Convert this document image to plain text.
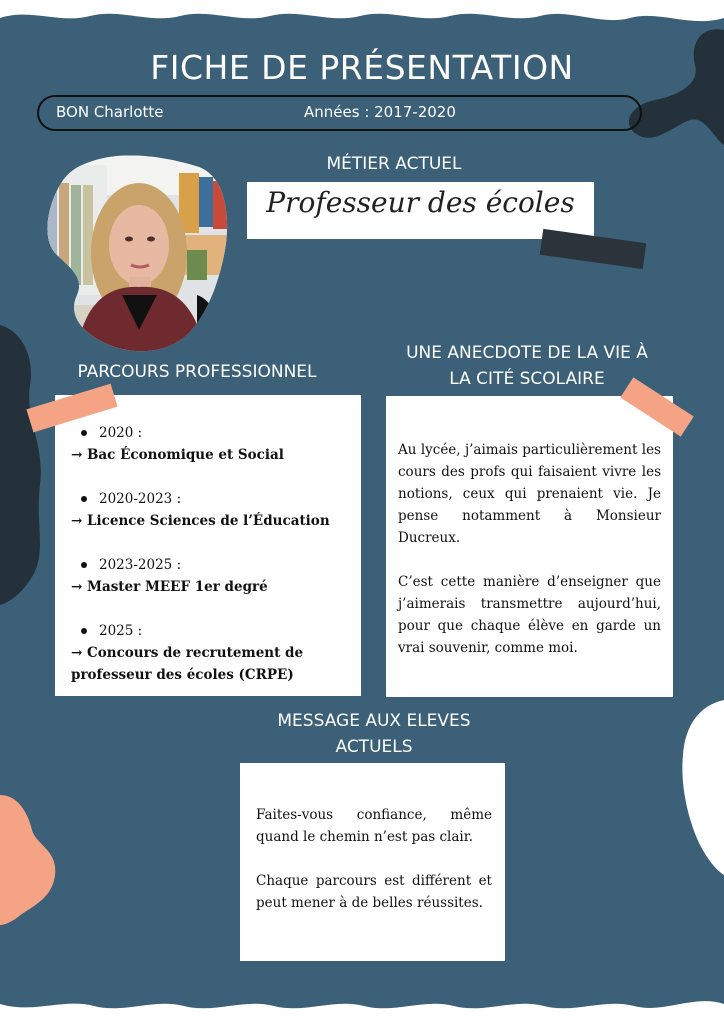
FICHE DE PRÉSENTATION
BON Charlotte	Années : 2017-2020
MÉTIER ACTUEL
Professeur des écoles
PARCOURS PROFESSIONNEL
2020 :
→ Bac Économique et Social
2020-2023 :
→ Licence Sciences de l’Éducation
2023-2025 :
→ Master MEEF 1er degré
2025 :
→ Concours de recrutement de professeur des écoles (CRPE)
UNE ANECDOTE DE LA VIE À
LA CITÉ SCOLAIRE
Au lycée, j’aimais particulièrement les cours des profs qui faisaient vivre les notions, ceux qui prenaient vie. Je pense notamment à Monsieur Ducreux.
C’est cette manière d’enseigner que j’aimerais transmettre aujourd’hui, pour que chaque élève en garde un vrai souvenir, comme moi.
MESSAGE AUX ELEVES
ACTUELS
Faites-vous confiance, même quand le chemin n’est pas clair.
Chaque parcours est différent et peut mener à de belles réussites.
